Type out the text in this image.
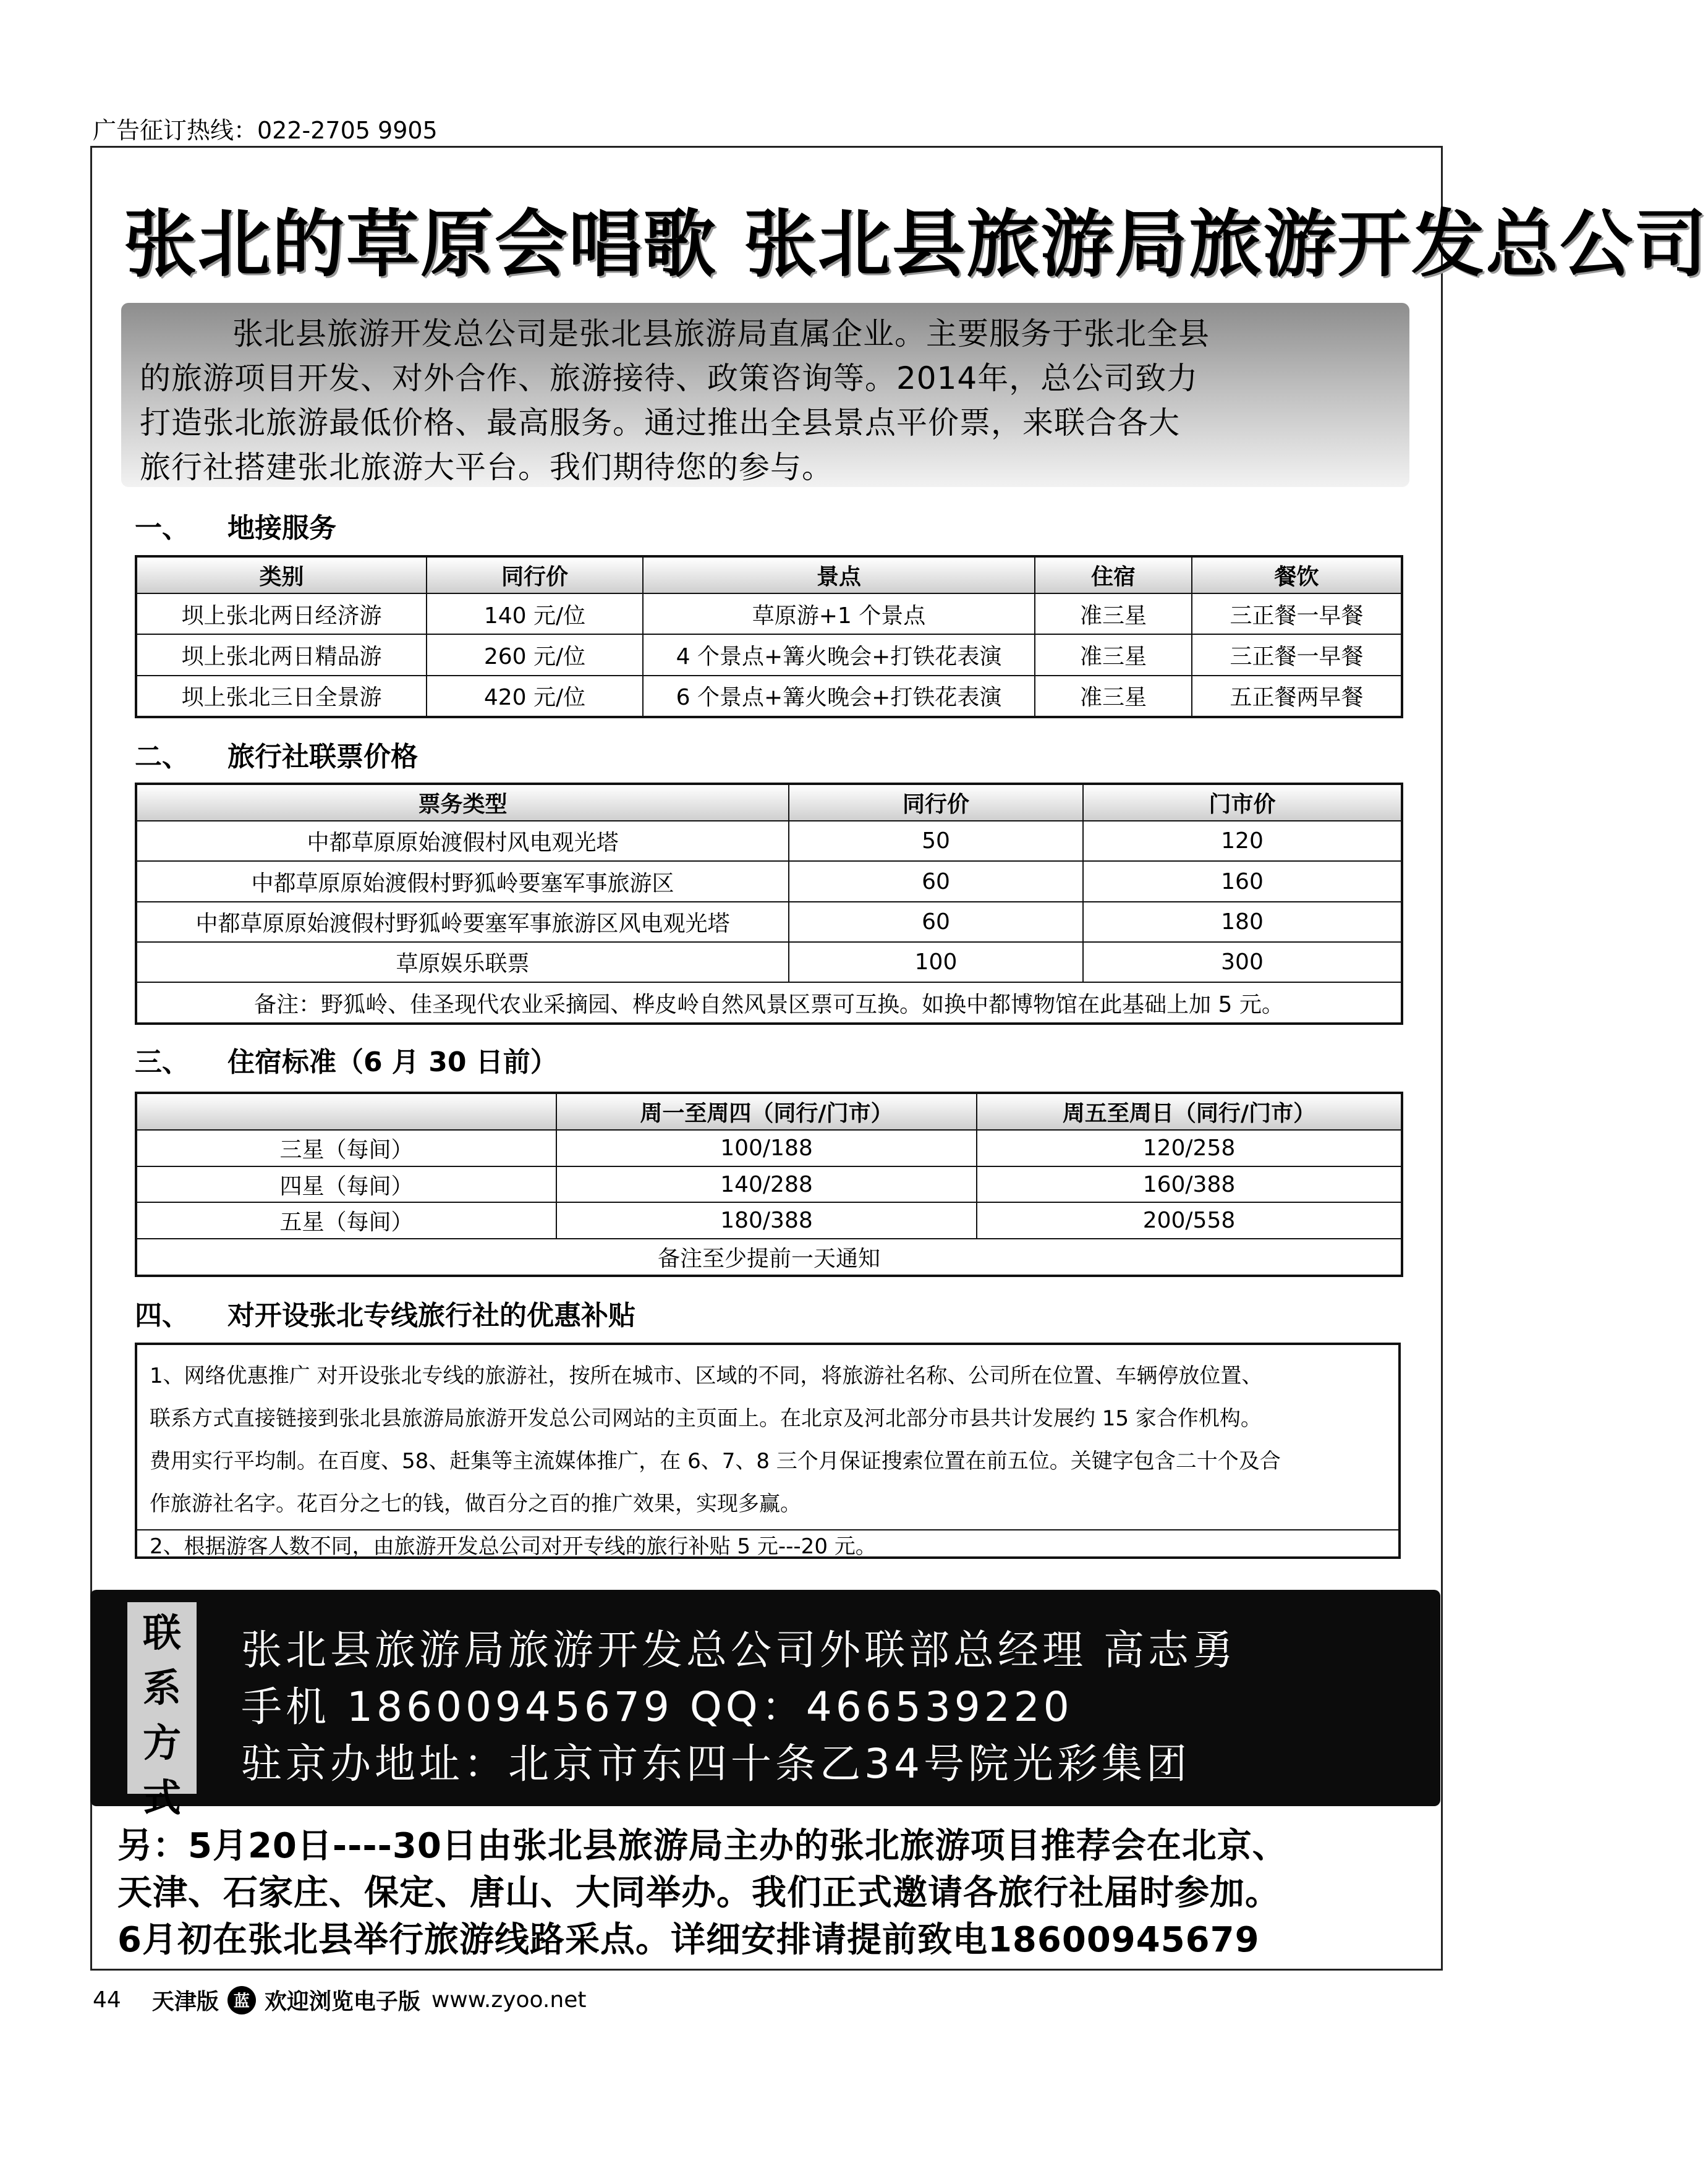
广告征订热线：022-2705 9905
张北的草原会唱歌 张北县旅游局旅游开发总公司
张北县旅游开发总公司是张北县旅游局直属企业。主要服务于张北全县
的旅游项目开发、对外合作、旅游接待、政策咨询等。2014年，总公司致力
打造张北旅游最低价格、最高服务。通过推出全县景点平价票，来联合各大
旅行社搭建张北旅游大平台。我们期待您的参与。
一、 地接服务
类别	同行价	景点	住宿	餐饮
坝上张北两日经济游	140 元/位	草原游+1 个景点	准三星	三正餐一早餐
坝上张北两日精品游	260 元/位	4 个景点+篝火晚会+打铁花表演	准三星	三正餐一早餐
坝上张北三日全景游	420 元/位	6 个景点+篝火晚会+打铁花表演	准三星	五正餐两早餐
二、 旅行社联票价格
票务类型	同行价	门市价
中都草原原始渡假村风电观光塔	50	120
中都草原原始渡假村野狐岭要塞军事旅游区	60	160
中都草原原始渡假村野狐岭要塞军事旅游区风电观光塔	60	180
草原娱乐联票	100	300
备注：野狐岭、佳圣现代农业采摘园、桦皮岭自然风景区票可互换。如换中都博物馆在此基础上加 5 元。		
三、 住宿标准（6 月 30 日前）
	周一至周四（同行/门市）	周五至周日（同行/门市）
三星（每间）	100/188	120/258
四星（每间）	140/288	160/388
五星（每间）	180/388	200/558
备注至少提前一天通知		
四、 对开设张北专线旅行社的优惠补贴
1、网络优惠推广 对开设张北专线的旅游社，按所在城市、区域的不同，将旅游社名称、公司所在位置、车辆停放位置、
联系方式直接链接到张北县旅游局旅游开发总公司网站的主页面上。在北京及河北部分市县共计发展约 15 家合作机构。
费用实行平均制。在百度、58、赶集等主流媒体推广，在 6、7、8 三个月保证搜索位置在前五位。关键字包含二十个及合
作旅游社名字。花百分之七的钱，做百分之百的推广效果，实现多赢。
2、根据游客人数不同，由旅游开发总公司对开专线的旅行补贴 5 元---20 元。
联
系
方
式
张北县旅游局旅游开发总公司外联部总经理 高志勇
手机 18600945679 QQ：466539220
驻京办地址：北京市东四十条乙34号院光彩集团
另：5月20日----30日由张北县旅游局主办的张北旅游项目推荐会在北京、
天津、石家庄、保定、唐山、大同举办。我们正式邀请各旅行社届时参加。
6月初在张北县举行旅游线路采点。详细安排请提前致电18600945679
44 天津版 蓝 欢迎浏览电子版 www.zyoo.net
